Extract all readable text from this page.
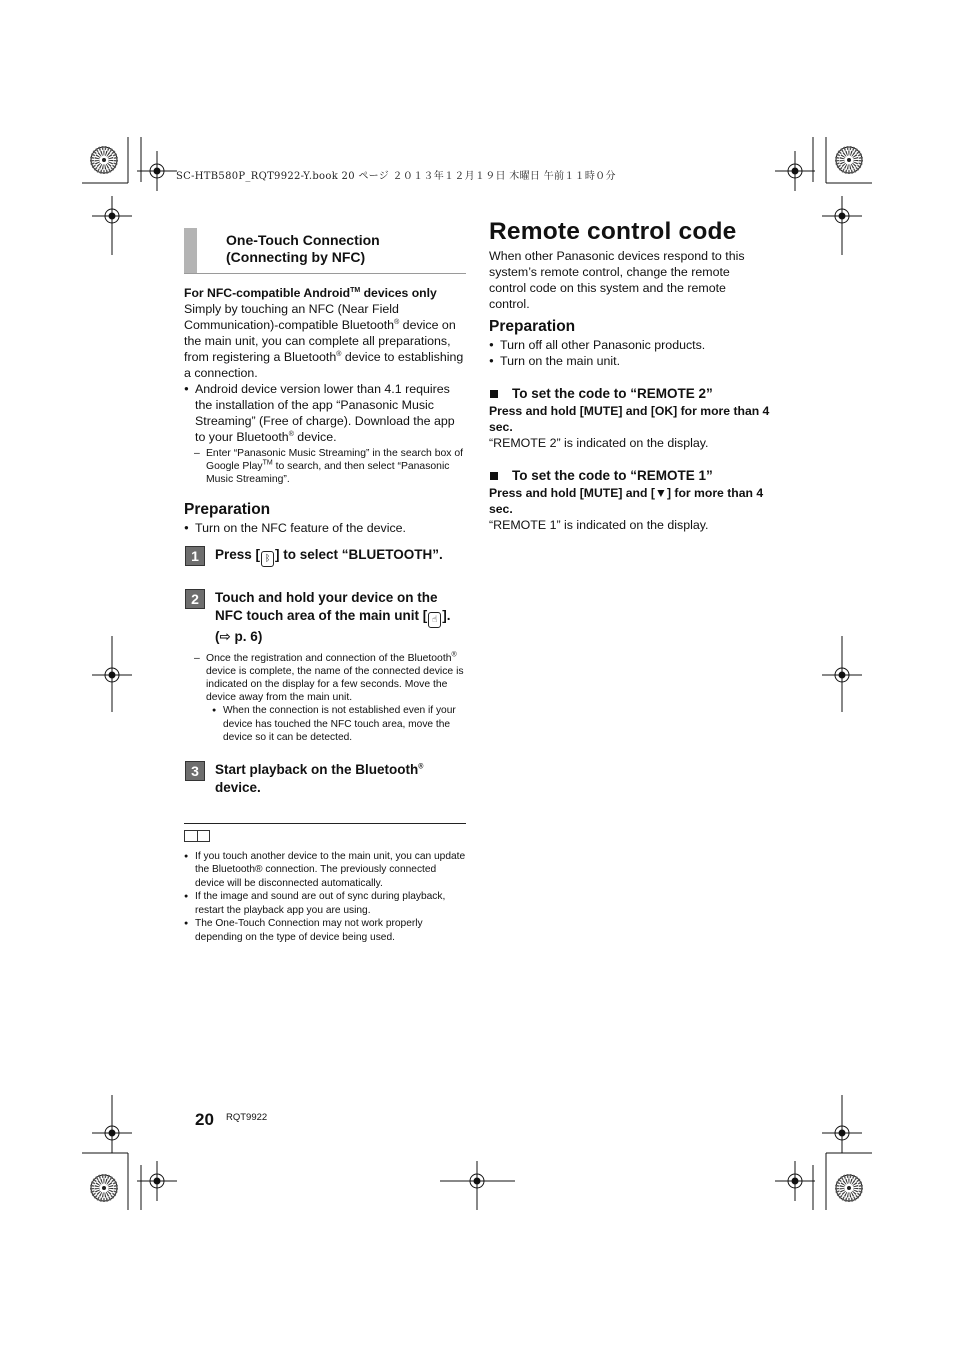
SC-HTB580P_RQT9922-Y.book 20 ページ ２０１３年１２月１９日 木曜日 午前１１時０分
One-Touch Connection
(Connecting by NFC)
For NFC-compatible Android™ devices only
Simply by touching an NFC (Near Field Communication)-compatible Bluetooth® device on the main unit, you can complete all preparations, from registering a Bluetooth® device to establishing a connection.
● Android device version lower than 4.1 requires the installation of the app “Panasonic Music Streaming” (Free of charge). Download the app to your Bluetooth® device.
– Enter “Panasonic Music Streaming” in the search box of Google Play™ to search, and then select “Panasonic Music Streaming”.
Preparation
● Turn on the NFC feature of the device.
1	Press [ ᛒ ] to select “BLUETOOTH”.
2	Touch and hold your device on the NFC touch area of the main unit [ ☝ ]. (⇨ p. 6)
– Once the registration and connection of the Bluetooth® device is complete, the name of the connected device is indicated on the display for a few seconds. Move the device away from the main unit.
● When the connection is not established even if your device has touched the NFC touch area, move the device so it can be detected.
3	Start playback on the Bluetooth® device.
● If you touch another device to the main unit, you can update the Bluetooth® connection. The previously connected device will be disconnected automatically.
● If the image and sound are out of sync during playback, restart the playback app you are using.
● The One-Touch Connection may not work properly depending on the type of device being used.
Remote control code
When other Panasonic devices respond to this system’s remote control, change the remote control code on this system and the remote control.
Preparation
● Turn off all other Panasonic products.
● Turn on the main unit.
To set the code to “REMOTE 2”
Press and hold [MUTE] and [OK] for more than 4 sec.
“REMOTE 2” is indicated on the display.
To set the code to “REMOTE 1”
Press and hold [MUTE] and [▼] for more than 4 sec.
“REMOTE 1” is indicated on the display.
20 RQT9922
